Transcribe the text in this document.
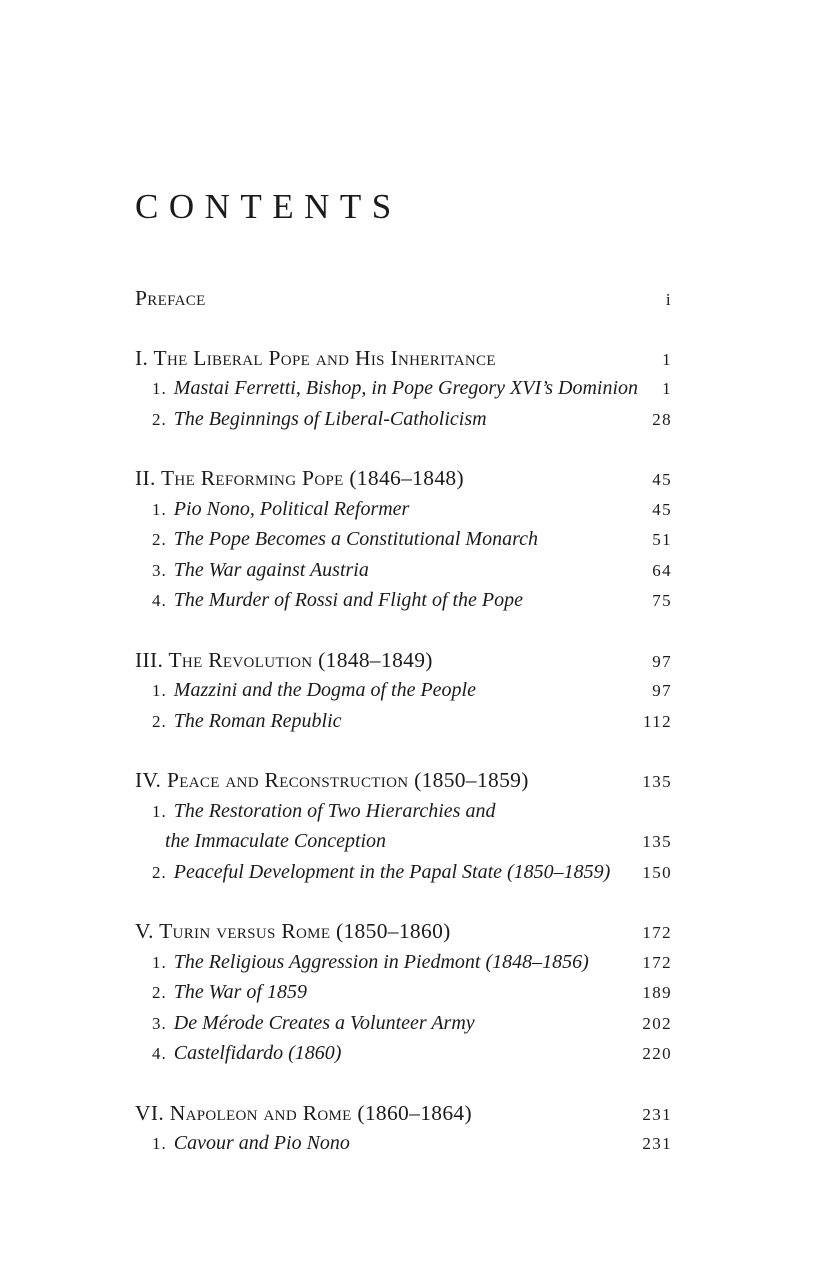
CONTENTS
Preface	i
I. The Liberal Pope and His Inheritance	1
1. Mastai Ferretti, Bishop, in Pope Gregory XVI’s Dominion	1
2. The Beginnings of Liberal-Catholicism	28
II. The Reforming Pope (1846–1848)	45
1. Pio Nono, Political Reformer	45
2. The Pope Becomes a Constitutional Monarch	51
3. The War against Austria	64
4. The Murder of Rossi and Flight of the Pope	75
III. The Revolution (1848–1849)	97
1. Mazzini and the Dogma of the People	97
2. The Roman Republic	112
IV. Peace and Reconstruction (1850–1859)	135
1. The Restoration of Two Hierarchies and
the Immaculate Conception	135
2. Peaceful Development in the Papal State (1850–1859)	150
V. Turin versus Rome (1850–1860)	172
1. The Religious Aggression in Piedmont (1848–1856)	172
2. The War of 1859	189
3. De Mérode Creates a Volunteer Army	202
4. Castelfidardo (1860)	220
VI. Napoleon and Rome (1860–1864)	231
1. Cavour and Pio Nono	231
